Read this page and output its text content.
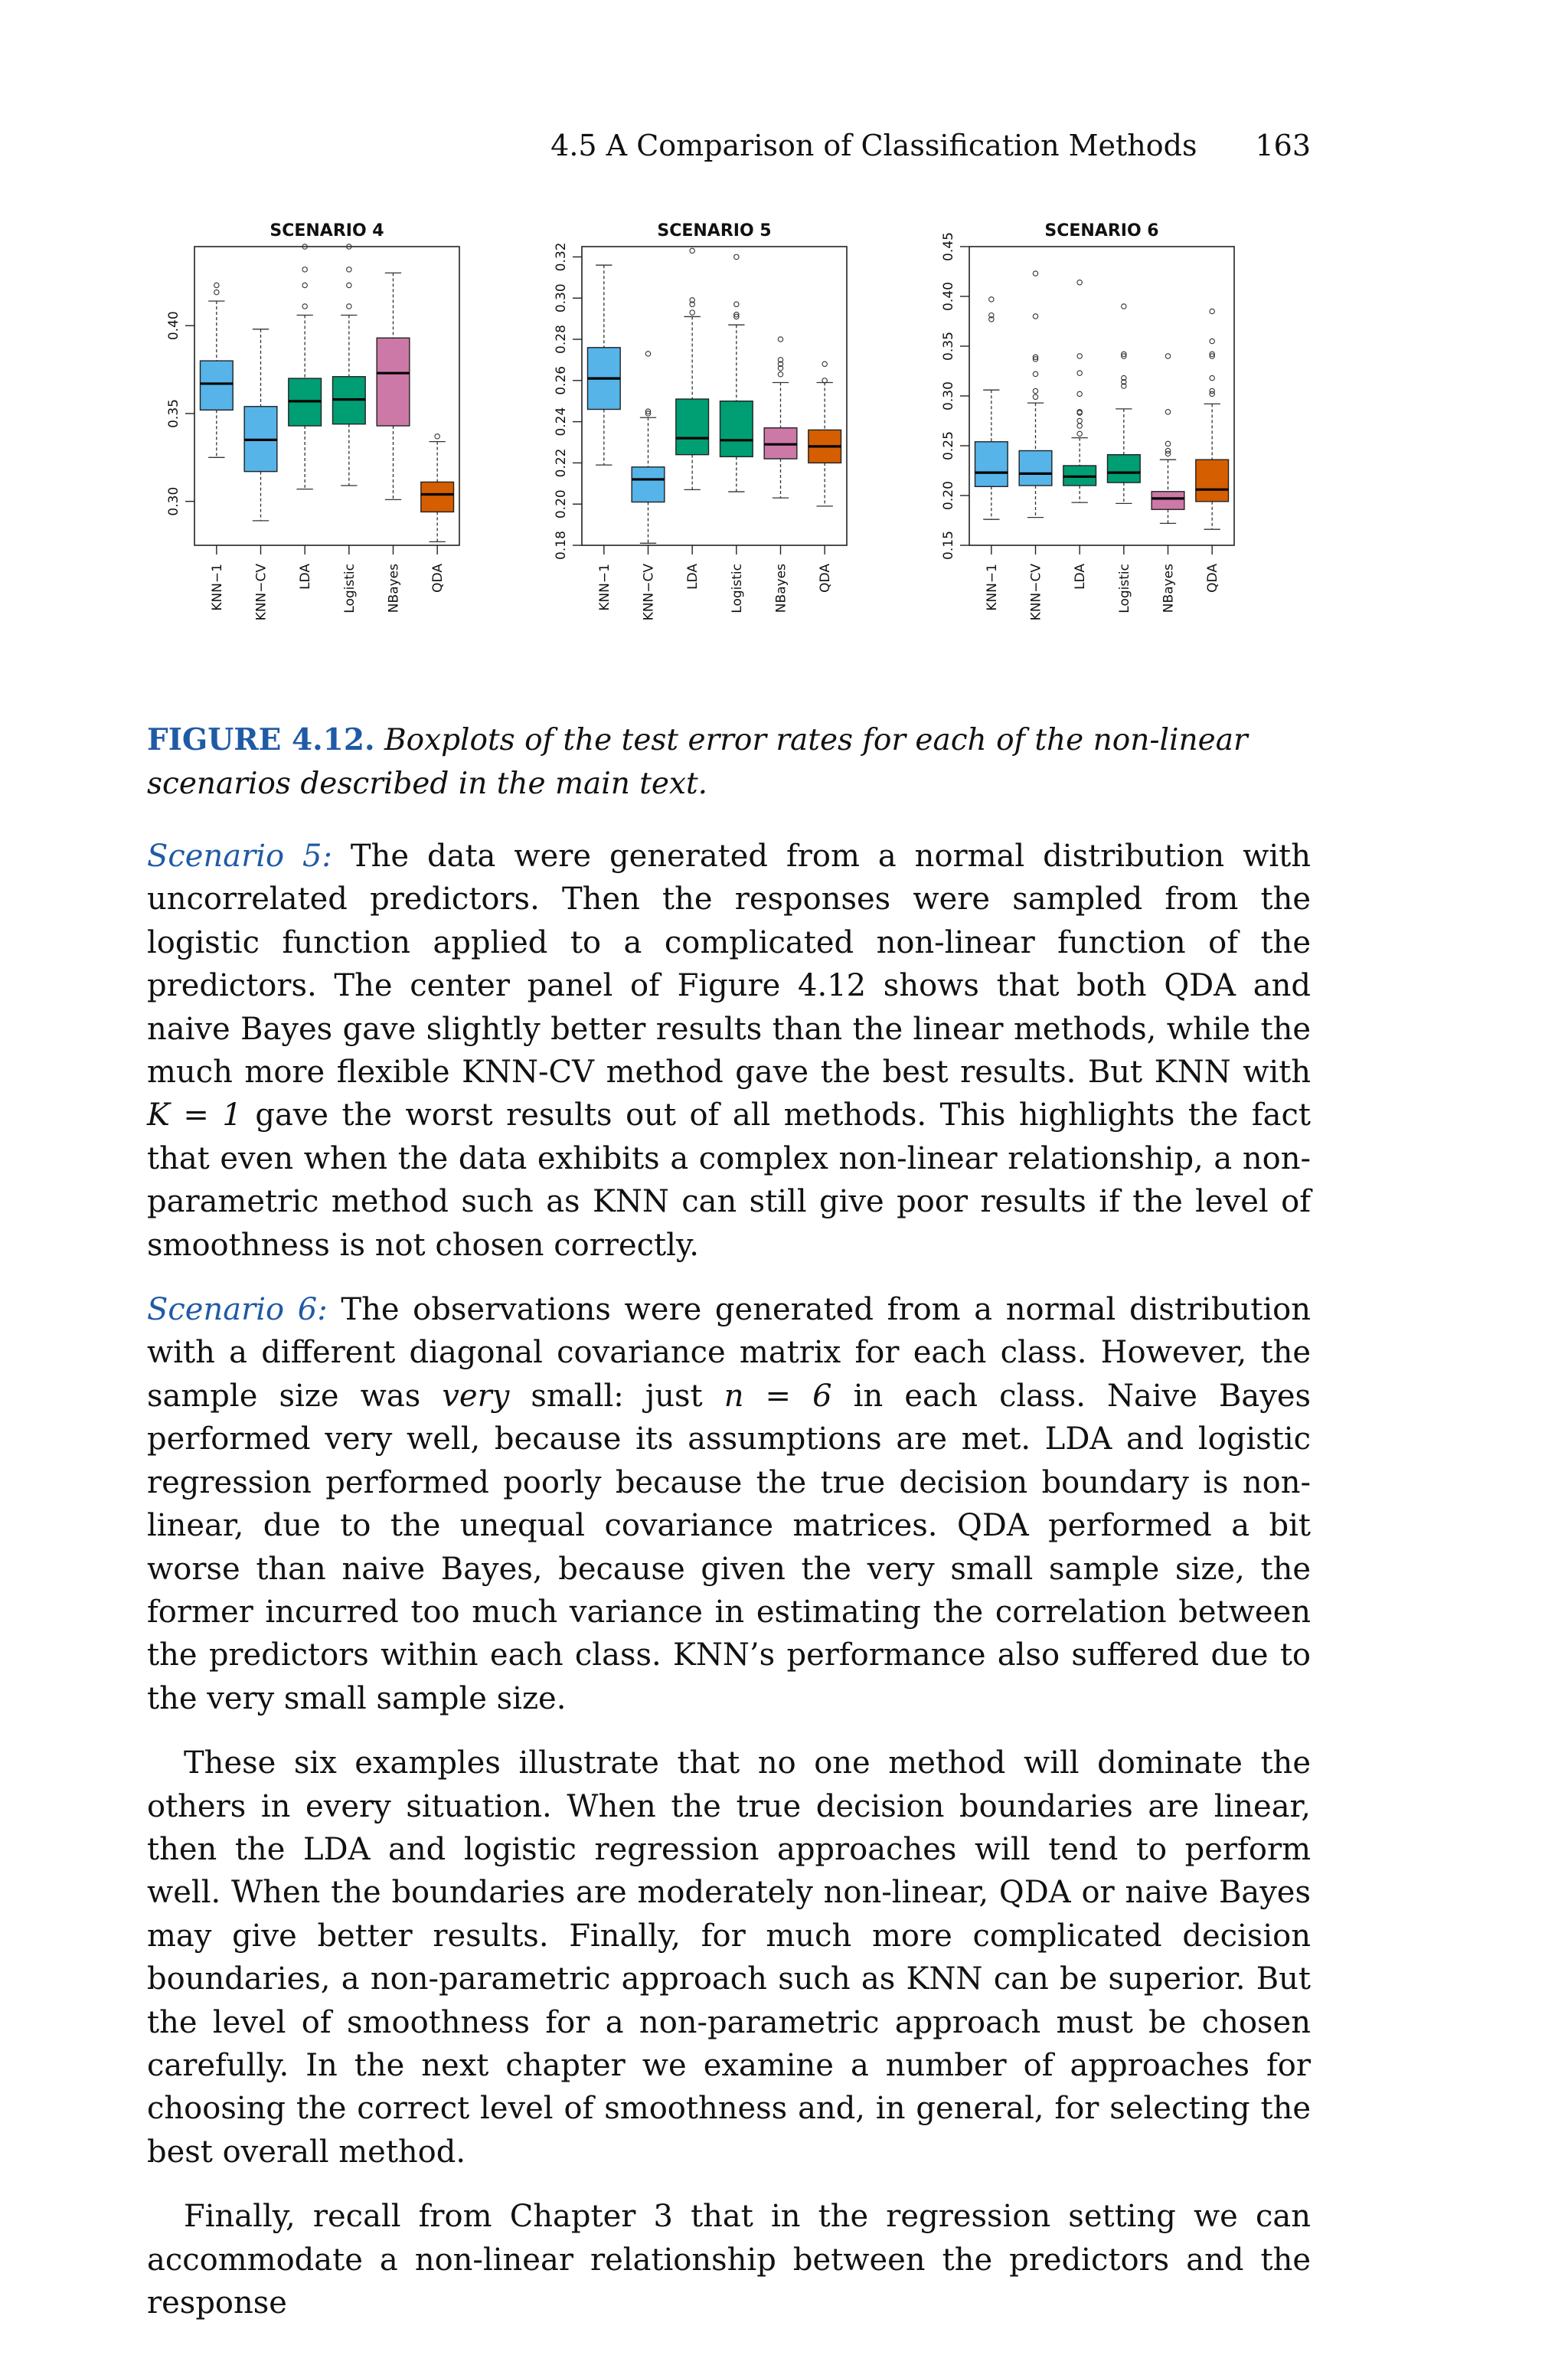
4.5 A Comparison of Classification Methods 163
SCENARIO 4
0.30
0.35
0.40
KNN−1 KNN−CV LDA Logistic NBayes QDA
SCENARIO 5
0.18
0.20
0.22
0.24
0.26
0.28
0.30
0.32
KNN−1 KNN−CV LDA Logistic NBayes QDA
SCENARIO 6
0.15
0.20
0.25
0.30
0.35
0.40
0.45
KNN−1 KNN−CV LDA Logistic NBayes QDA
FIGURE 4.12. Boxplots of the test error rates for each of the non-linear scenarios described in the main text.

Scenario 5: The data were generated from a normal distribution with uncorrelated predictors. Then the responses were sampled from the logistic function applied to a complicated non-linear function of the predictors. The center panel of Figure 4.12 shows that both QDA and naive Bayes gave slightly better results than the linear methods, while the much more flexible KNN-CV method gave the best results. But KNN with K = 1 gave the worst results out of all methods. This highlights the fact that even when the data exhibits a complex non-linear relationship, a non-parametric method such as KNN can still give poor results if the level of smoothness is not chosen correctly.

Scenario 6: The observations were generated from a normal distribution with a different diagonal covariance matrix for each class. However, the sample size was very small: just n = 6 in each class. Naive Bayes performed very well, because its assumptions are met. LDA and logistic regression performed poorly because the true decision boundary is non-linear, due to the unequal covariance matrices. QDA performed a bit worse than naive Bayes, because given the very small sample size, the former incurred too much variance in estimating the correlation between the predictors within each class. KNN’s performance also suffered due to the very small sample size.

These six examples illustrate that no one method will dominate the others in every situation. When the true decision boundaries are linear, then the LDA and logistic regression approaches will tend to perform well. When the boundaries are moderately non-linear, QDA or naive Bayes may give better results. Finally, for much more complicated decision boundaries, a non-parametric approach such as KNN can be superior. But the level of smoothness for a non-parametric approach must be chosen carefully. In the next chapter we examine a number of approaches for choosing the correct level of smoothness and, in general, for selecting the best overall method.

Finally, recall from Chapter 3 that in the regression setting we can accommodate a non-linear relationship between the predictors and the response
